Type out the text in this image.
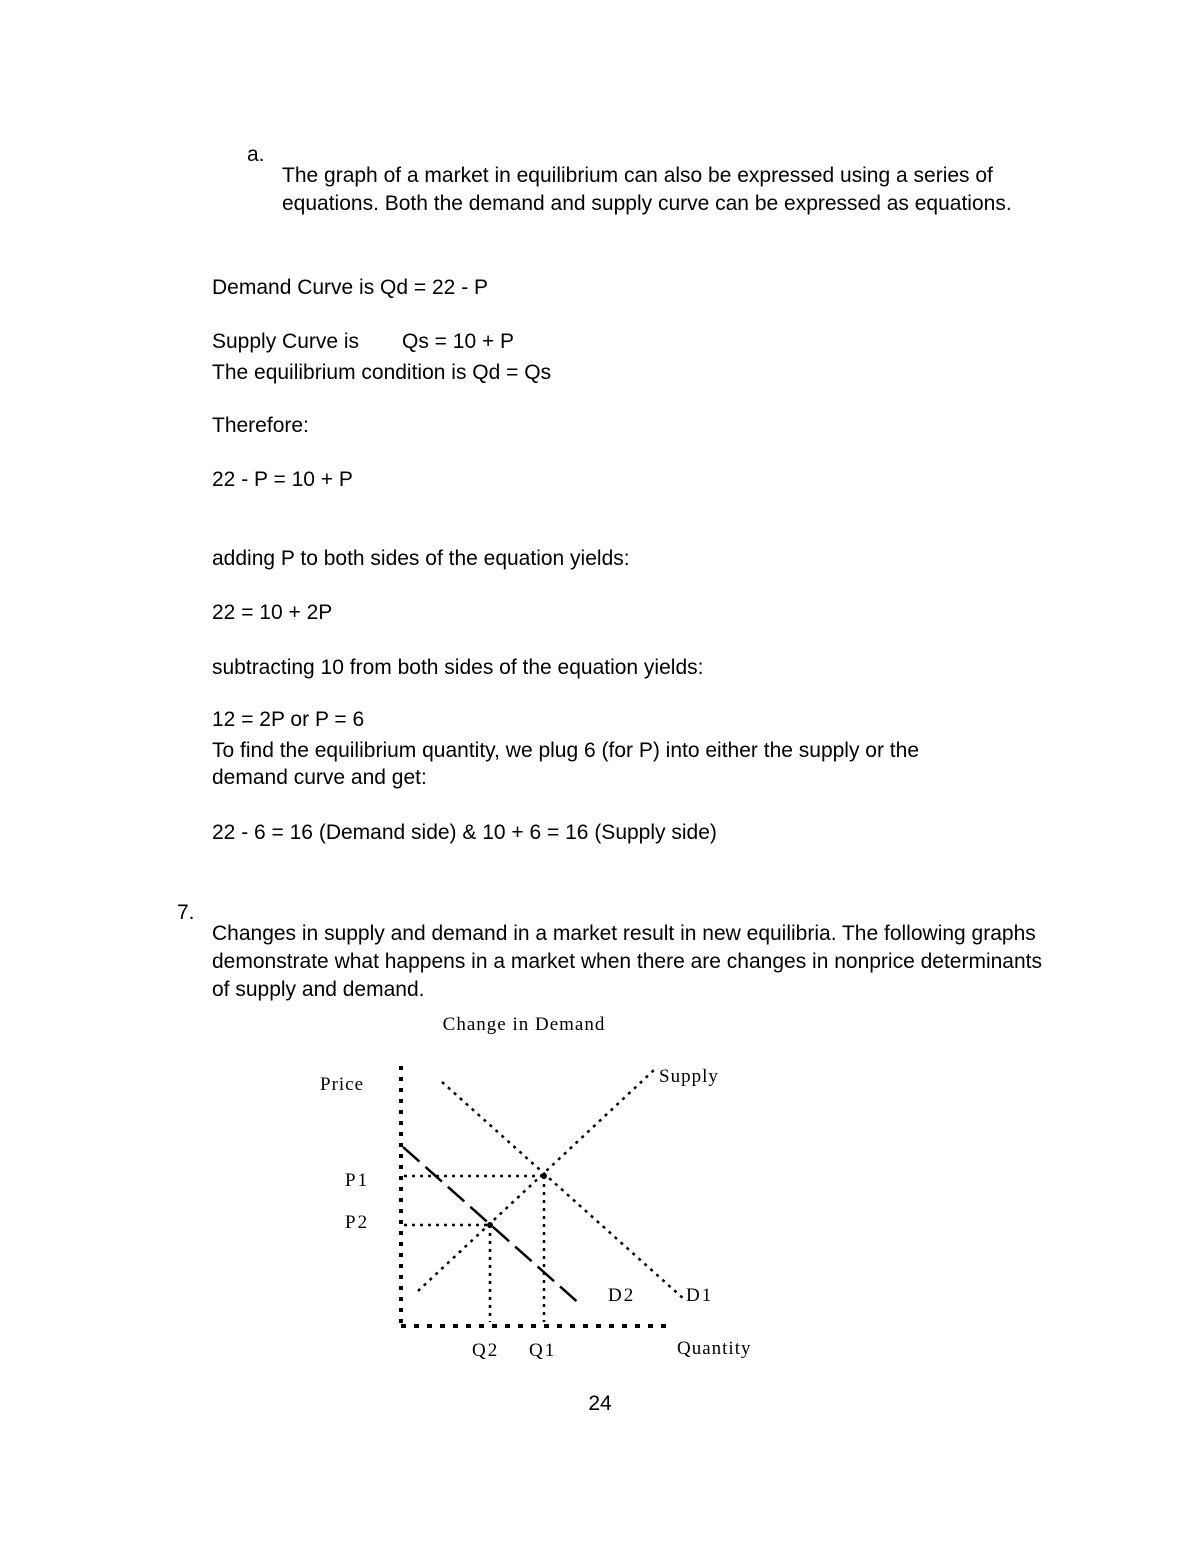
a.

The graph of a market in equilibrium can also be expressed using a series of equations. Both the demand and supply curve can be expressed as equations.

Demand Curve is Qd = 22 - P

Supply Curve is Qs = 10 + P

The equilibrium condition is Qd = Qs

Therefore:

22 - P = 10 + P

adding P to both sides of the equation yields:

22 = 10 + 2P

subtracting 10 from both sides of the equation yields:

12 = 2P or P = 6

To find the equilibrium quantity, we plug 6 (for P) into either the supply or the

demand curve and get:

22 - 6 = 16 (Demand side) & 10 + 6 = 16 (Supply side)

7.

Changes in supply and demand in a market result in new equilibria. The following graphs demonstrate what happens in a market when there are changes in nonprice determinants of supply and demand.

Change in Demand
Price
Quantity
P1
P2
Q2 Q1
D2	D1
Supply
24
